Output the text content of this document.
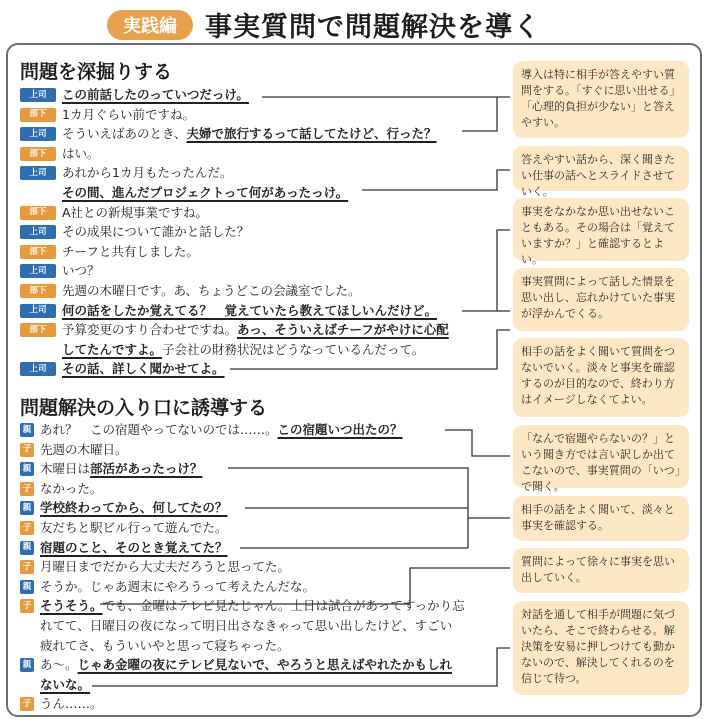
実践編	事実質問で問題解決を導く
問題を深掘りする
上司	この前話したのっていつだっけ。
部下	1カ月ぐらい前ですね。
上司	そういえばあのとき、夫婦で旅行するって話してたけど、行った？
部下	はい。
上司	あれから1カ月もたったんだ。
その間、進んだプロジェクトって何があったっけ。
部下	A社との新規事業ですね。
上司	その成果について誰かと話した？
部下	チーフと共有しました。
上司	いつ？
部下	先週の木曜日です。あ、ちょうどこの会議室でした。
上司	何の話をしたか覚えてる？　覚えていたら教えてほしいんだけど。
部下	予算変更のすり合わせですね。あっ、そういえばチーフがやけに心配
してたんですよ。子会社の財務状況はどうなっているんだって。
上司	その話、詳しく聞かせてよ。
問題解決の入り口に誘導する
親 あれ？　この宿題やってないのでは……。この宿題いつ出たの？
子 先週の木曜日。
親 木曜日は部活があったっけ？
子 なかった。
親 学校終わってから、何してたの？
子 友だちと駅ビル行って遊んでた。
親 宿題のこと、そのとき覚えてた？
子 月曜日までだから大丈夫だろうと思ってた。
親 そうか。じゃあ週末にやろうって考えたんだな。
子 そうそう。でも、金曜はテレビ見たじゃん。土日は試合があってすっかり忘
れてて、日曜日の夜になって明日出さなきゃって思い出したけど、すごい
疲れてさ、もういいやと思って寝ちゃった。
親 あ～。じゃあ金曜の夜にテレビ見ないで、やろうと思えばやれたかもしれ
ないな。
子 うん……。
導入は特に相手が答えやすい質問をする。「すぐに思い出せる」「心理的負担が少ない」と答えやすい。
答えやすい話から、深く聞きたい仕事の話へとスライドさせていく。
事実をなかなか思い出せないこともある。その場合は「覚えていますか？」と確認するとよい。
事実質問によって話した情景を思い出し、忘れかけていた事実が浮かんでくる。
相手の話をよく聞いて質問をつないでいく。淡々と事実を確認するのが目的なので、終わり方はイメージしなくてよい。
「なんで宿題やらないの？」という聞き方では言い訳しか出てこないので、事実質問の「いつ」で聞く。
相手の話をよく聞いて、淡々と事実を確認する。
質問によって徐々に事実を思い出していく。
対話を通して相手が問題に気づいたら、そこで終わらせる。解決策を安易に押しつけても動かないので、解決してくれるのを信じて待つ。
